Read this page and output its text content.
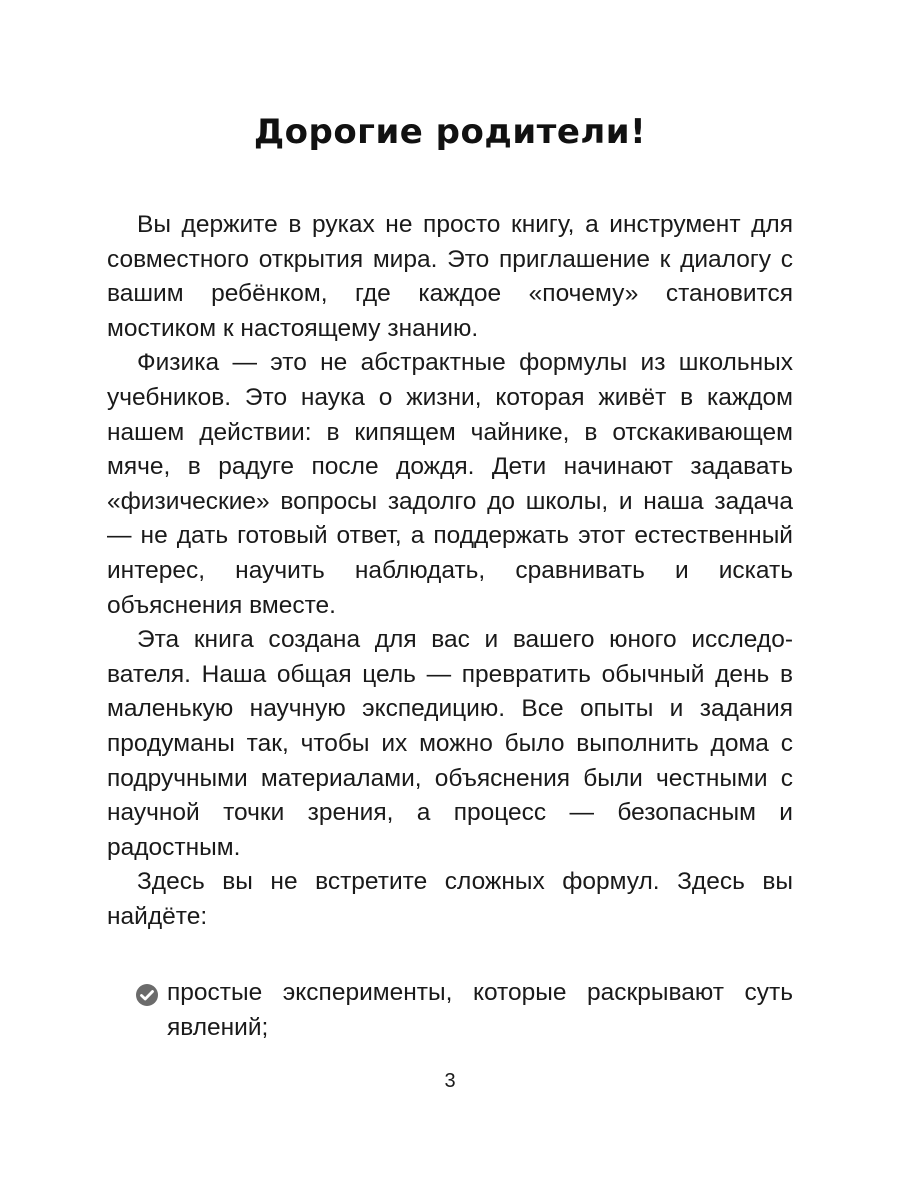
Дорогие родители!

Вы держите в руках не просто книгу, а инструмент для совместного открытия мира. Это приглашение к диалогу с вашим ребёнком, где каждое «почему» становится мостиком к настоящему знанию.

Физика — это не абстрактные формулы из школьных учебников. Это наука о жизни, которая живёт в каждом нашем действии: в кипящем чайнике, в отскакивающем мяче, в радуге после дождя. Дети начинают задавать «физические» вопросы задолго до школы, и наша задача — не дать готовый ответ, а поддержать этот естественный интерес, научить наблюдать, сравнивать и искать объяснения вместе.

Эта книга создана для вас и вашего юного исследователя. Наша общая цель — превратить обычный день в маленькую научную экспедицию. Все опыты и задания продуманы так, чтобы их можно было выполнить дома с подручными материалами, объяснения были честными с научной точки зрения, а процесс — безопасным и радостным.

Здесь вы не встретите сложных формул. Здесь вы найдёте:

простые эксперименты, которые раскрывают суть явлений;
3
